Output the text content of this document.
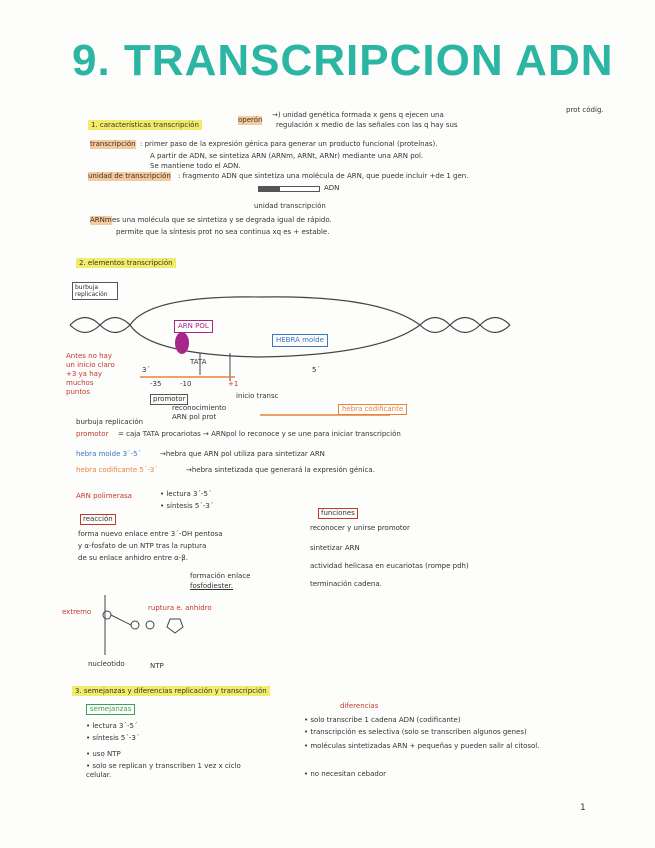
9. TRANSCRIPCION ADN
1. características transcripción
operón
→) unidad genética formada x gens q ejecen una
regulación x medio de las señales con las q hay sus
prot códig.
transcripción : primer paso de la expresión génica para generar un producto funcional (proteínas).
A partir de ADN, se sintetiza ARN (ARNm, ARNt, ARNr) mediante una ARN pol.
Se mantiene todo el ADN.
unidad de transcripción : fragmento ADN que sintetiza una molécula de ARN, que puede incluir +de 1 gen.
ADN
unidad transcripción
ARNm es una molécula que se sintetiza y se degrada igual de rápido.
permite que la síntesis prot no sea continua xq es + estable.
2. elementos transcripción
burbuja replicación
ARN POL
HEBRA molde
TATA
3´	5´
-35	-10	+1
Antes no hay un inicio claro +3 ya hay muchos puntos
promotor	inicio transc
reconocimiento ARN pol prot
hebra codificante
burbuja replicación
promotor = caja TATA procariotas → ARNpol lo reconoce y se une para iniciar transcripción
hebra molde 3´-5´	→hebra que ARN pol utiliza para sintetizar ARN
hebra codificante 5´-3´	→hebra sintetizada que generará la expresión génica.
ARN polimerasa	• lectura 3´-5´
• síntesis 5´-3´
reacción
forma nuevo enlace entre 3´-OH pentosa
y α-fosfato de un NTP tras la ruptura
de su enlace anhidro entre α-β.
formación enlace
fosfodiester.
funciones
reconocer y unirse promotor
sintetizar ARN
actividad helicasa en eucariotas (rompe pdh)
terminación cadena.
ruptura e. anhidro
extremo
nucleotido	NTP
3. semejanzas y diferencias replicación y transcripción
semejanzas
• lectura 3´-5´
• síntesis 5´-3´
• uso NTP
• solo se replican y transcriben 1 vez x ciclo celular.
diferencias
• solo transcribe 1 cadena ADN (codificante)
• transcripción es selectiva (solo se transcriben algunos genes)
• moléculas sintetizadas ARN + pequeñas y pueden salir al citosol.
• no necesitan cebador
1
